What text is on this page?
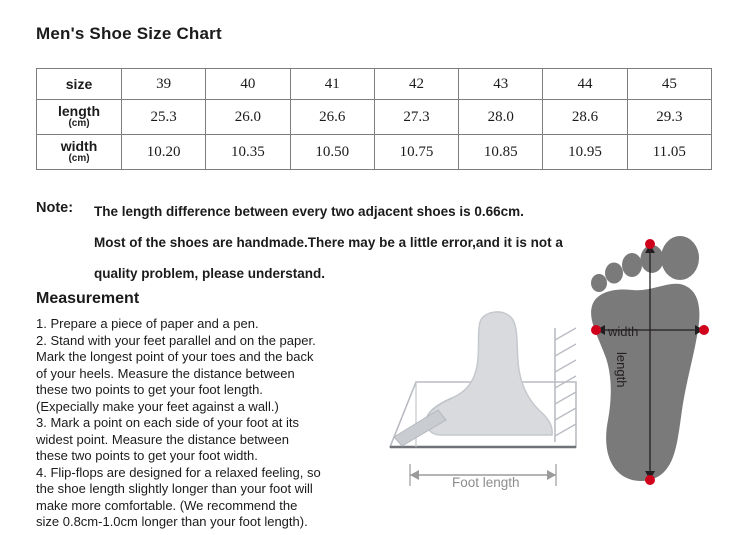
Men's Shoe Size Chart
size	39	40	41	42	43	44	45
length
(cm)	25.3	26.0	26.6	27.3	28.0	28.6	29.3
width
(cm)	10.20	10.35	10.50	10.75	10.85	10.95	11.05
Note: The length difference between every two adjacent shoes is 0.66cm.
Most of the shoes are handmade.There may be a little error,and it is not a
quality problem, please understand.
Measurement

1. Prepare a piece of paper and a pen.

2. Stand with your feet parallel and on the paper.

Mark the longest point of your toes and the back

of your heels. Measure the distance between

these two points to get your foot length.

(Expecially make your feet against a wall.)

3. Mark a point on each side of your foot at its

widest point. Measure the distance between

these two points to get your foot width.

4. Flip-flops are designed for a relaxed feeling, so

the shoe length slightly longer than your foot will

make more comfortable. (We recommend the

size 0.8cm-1.0cm longer than your foot length).

Foot length
width
length
